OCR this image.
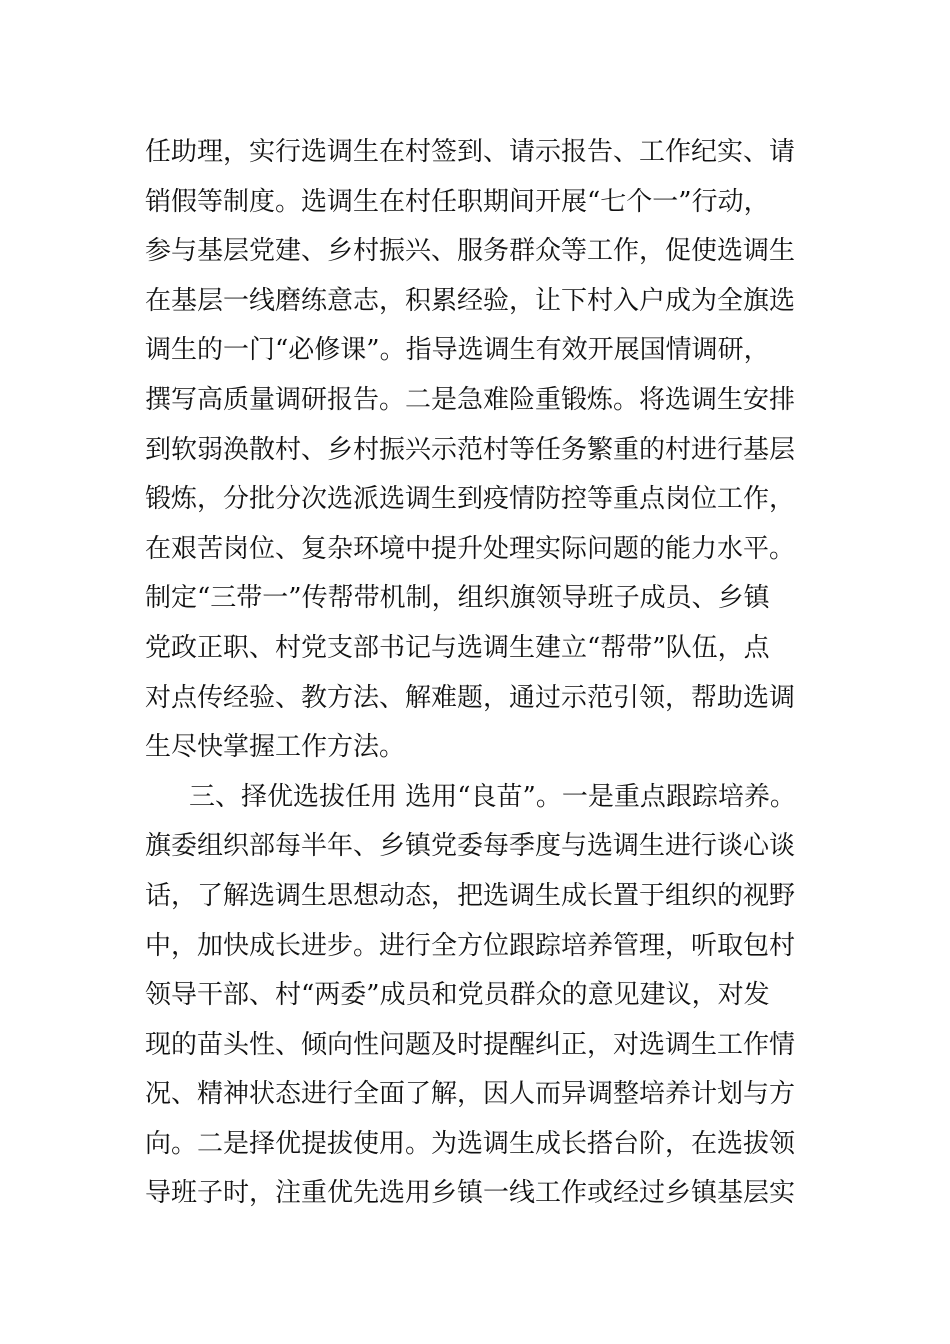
任助理，实行选调生在村签到、请示报告、工作纪实、请
销假等制度。选调生在村任职期间开展“七个一”行动，
参与基层党建、乡村振兴、服务群众等工作，促使选调生
在基层一线磨练意志，积累经验，让下村入户成为全旗选
调生的一门“必修课”。指导选调生有效开展国情调研，
撰写高质量调研报告。二是急难险重锻炼。将选调生安排
到软弱涣散村、乡村振兴示范村等任务繁重的村进行基层
锻炼，分批分次选派选调生到疫情防控等重点岗位工作，
在艰苦岗位、复杂环境中提升处理实际问题的能力水平。
制定“三带一”传帮带机制，组织旗领导班子成员、乡镇
党政正职、村党支部书记与选调生建立“帮带”队伍，点
对点传经验、教方法、解难题，通过示范引领，帮助选调
生尽快掌握工作方法。
三、择优选拔任用 选用“良苗”。一是重点跟踪培养。
旗委组织部每半年、乡镇党委每季度与选调生进行谈心谈
话，了解选调生思想动态，把选调生成长置于组织的视野
中，加快成长进步。进行全方位跟踪培养管理，听取包村
领导干部、村“两委”成员和党员群众的意见建议，对发
现的苗头性、倾向性问题及时提醒纠正，对选调生工作情
况、精神状态进行全面了解，因人而异调整培养计划与方
向。二是择优提拔使用。为选调生成长搭台阶，在选拔领
导班子时，注重优先选用乡镇一线工作或经过乡镇基层实
